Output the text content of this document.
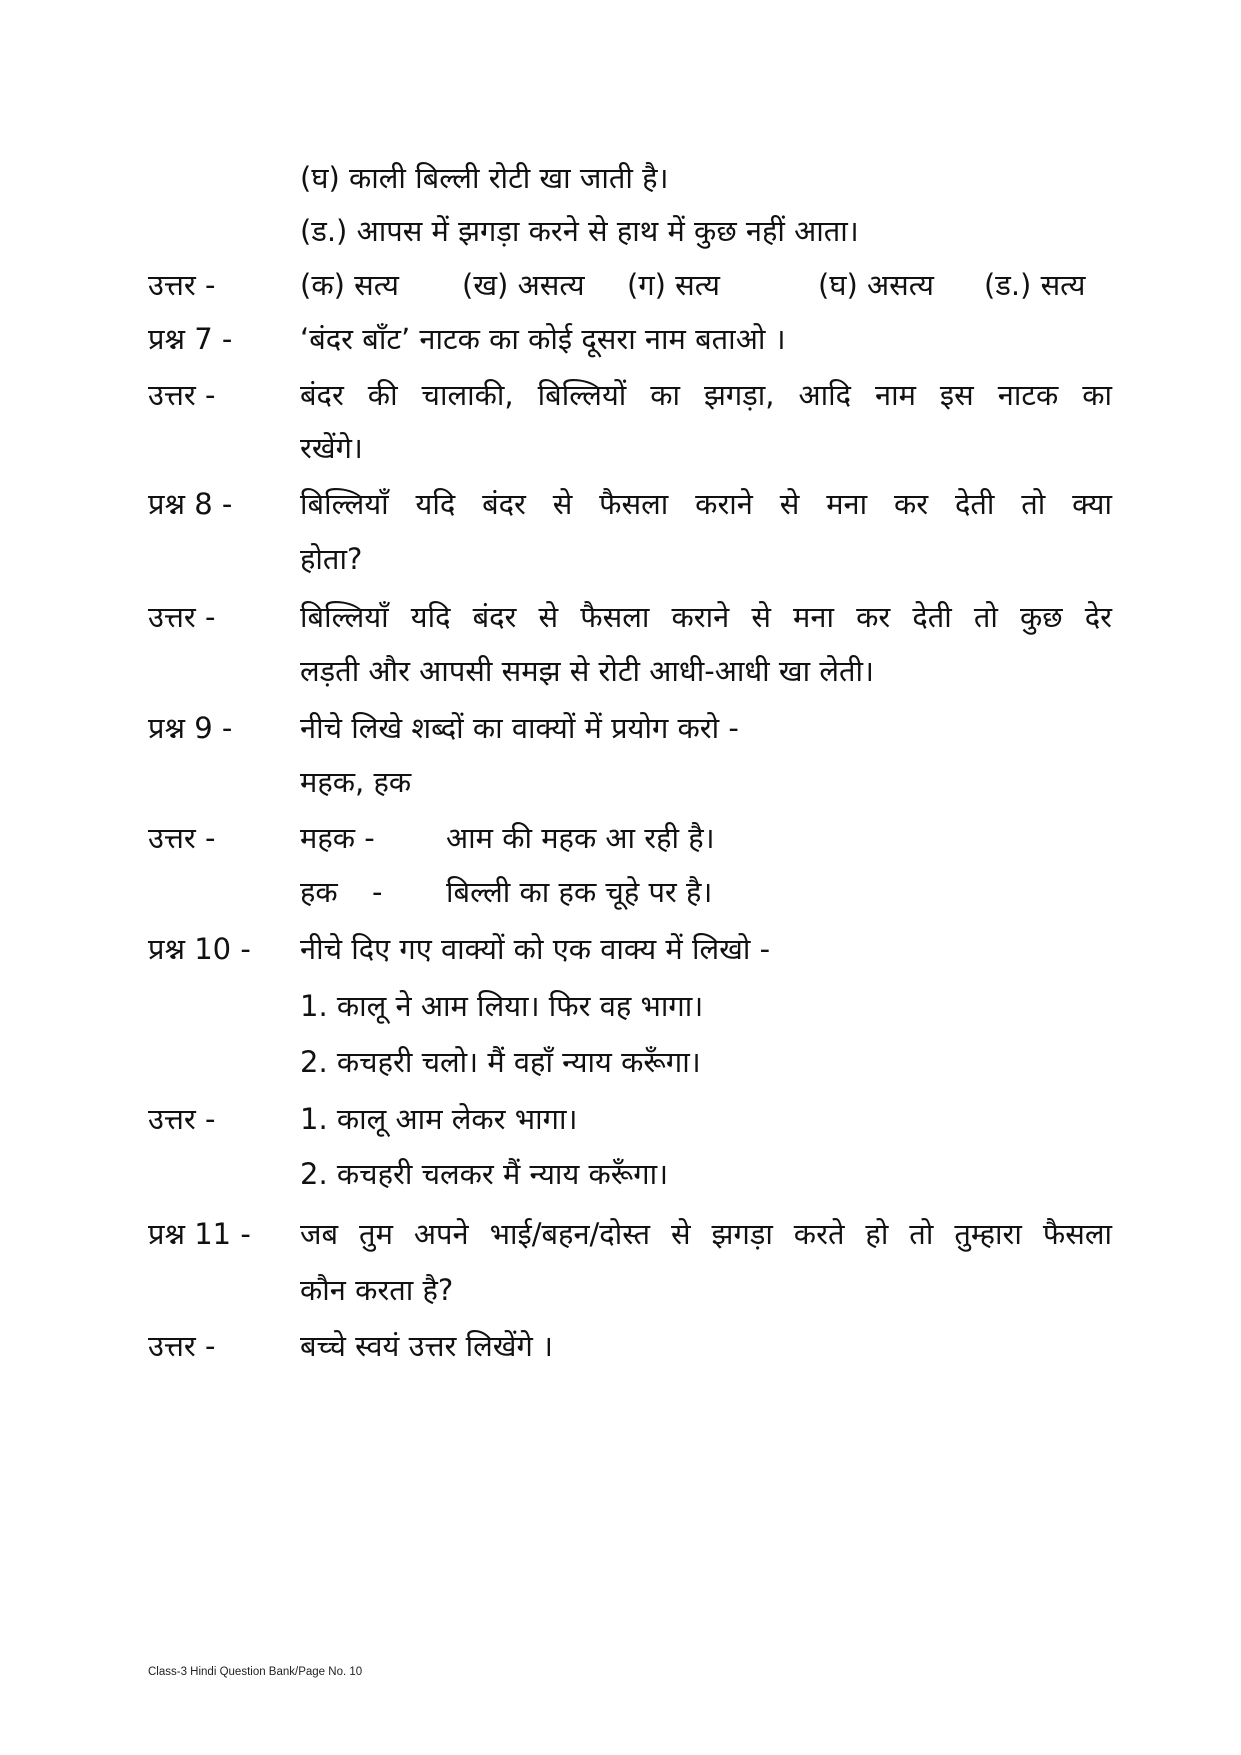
(घ) काली बिल्ली रोटी खा जाती है।
(ड.) आपस में झगड़ा करने से हाथ में कुछ नहीं आता।
उत्तर -	(क) सत्य (ख) असत्य (ग) सत्य	(घ) असत्य (ड.) सत्य
प्रश्न 7 - ‘बंदर बाँट’ नाटक का कोई दूसरा नाम बताओ ।
उत्तर -	बंदर की चालाकी, बिल्लियों का झगड़ा, आदि नाम इस नाटक का
रखेंगे।
प्रश्न 8 - बिल्लियाँ यदि बंदर से फैसला कराने से मना कर देती तो क्या
होता?
उत्तर -	बिल्लियाँ यदि बंदर से फैसला कराने से मना कर देती तो कुछ देर
लड़ती और आपसी समझ से रोटी आधी-आधी खा लेती।
प्रश्न 9 - नीचे लिखे शब्दों का वाक्यों में प्रयोग करो -
महक, हक
उत्तर -	महक - आम की महक आ रही है।
हक - बिल्ली का हक चूहे पर है।
प्रश्न 10 - नीचे दिए गए वाक्यों को एक वाक्य में लिखो -
1. कालू ने आम लिया। फिर वह भागा।
2. कचहरी चलो। मैं वहाँ न्याय करूँगा।
उत्तर -	1. कालू आम लेकर भागा।
2. कचहरी चलकर मैं न्याय करूँगा।
प्रश्न 11 - जब तुम अपने भाई/बहन/दोस्त से झगड़ा करते हो तो तुम्हारा फैसला
कौन करता है?
उत्तर -	बच्चे स्वयं उत्तर लिखेंगे ।
Class-3 Hindi Question Bank/Page No. 10
